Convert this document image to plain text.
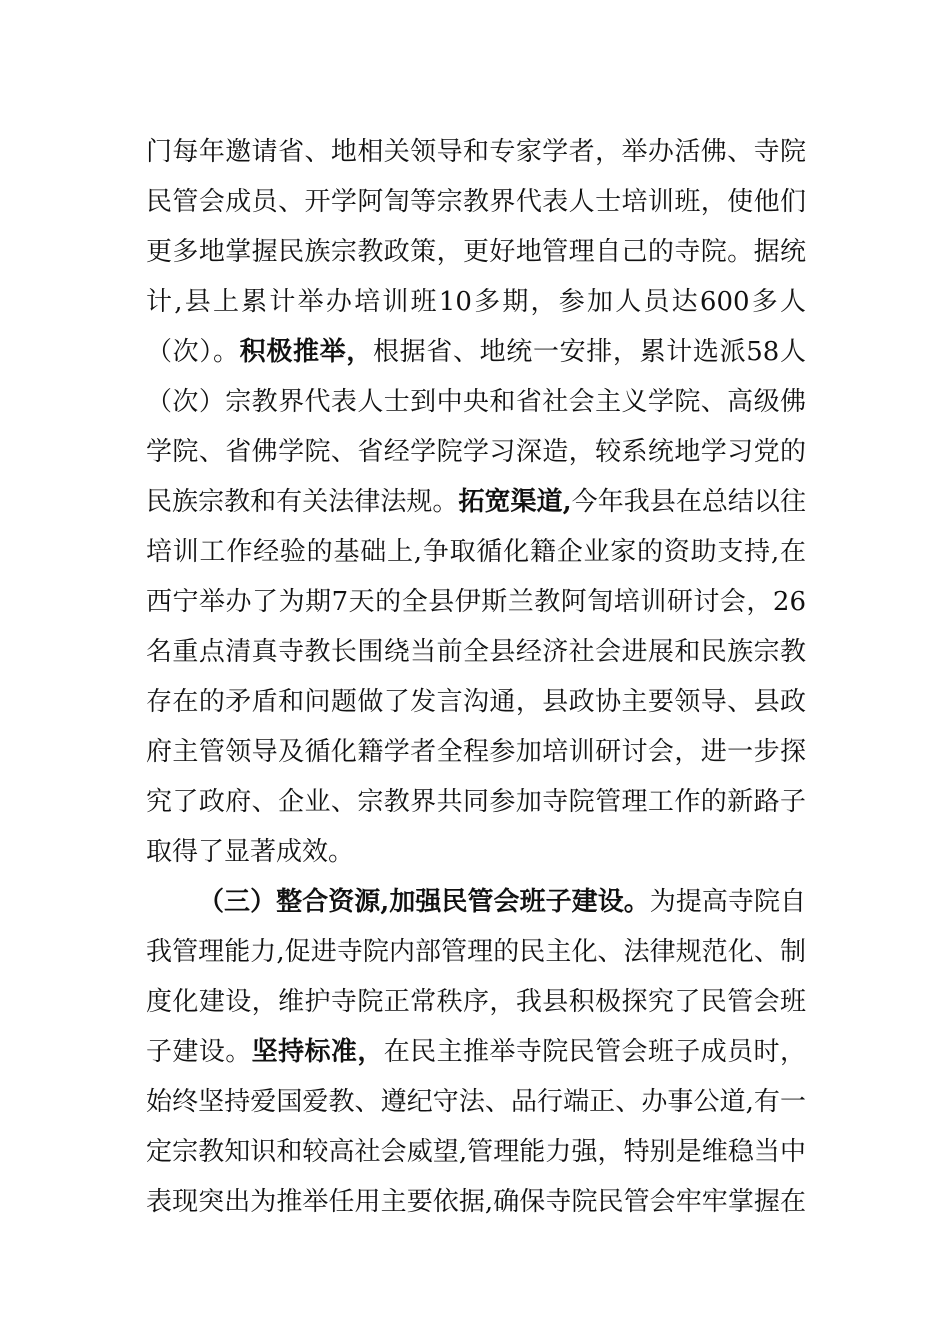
门每年邀请省、地相关领导和专家学者，举办活佛、寺院
民管会成员、开学阿訇等宗教界代表人士培训班，使他们
更多地掌握民族宗教政策，更好地管理自己的寺院。据统
计,县上累计举办培训班10多期，参加人员达600多人
（次）。积极推举，根据省、地统一安排，累计选派58人
（次）宗教界代表人士到中央和省社会主义学院、高级佛
学院、省佛学院、省经学院学习深造，较系统地学习党的
民族宗教和有关法律法规。拓宽渠道,今年我县在总结以往
培训工作经验的基础上,争取循化籍企业家的资助支持,在
西宁举办了为期7天的全县伊斯兰教阿訇培训研讨会，26
名重点清真寺教长围绕当前全县经济社会进展和民族宗教
存在的矛盾和问题做了发言沟通，县政协主要领导、县政
府主管领导及循化籍学者全程参加培训研讨会，进一步探
究了政府、企业、宗教界共同参加寺院管理工作的新路子
取得了显著成效。
（三）整合资源,加强民管会班子建设。为提高寺院自
我管理能力,促进寺院内部管理的民主化、法律规范化、制
度化建设，维护寺院正常秩序，我县积极探究了民管会班
子建设。坚持标准，在民主推举寺院民管会班子成员时，
始终坚持爱国爱教、遵纪守法、品行端正、办事公道,有一
定宗教知识和较高社会威望,管理能力强，特别是维稳当中
表现突出为推举任用主要依据,确保寺院民管会牢牢掌握在
